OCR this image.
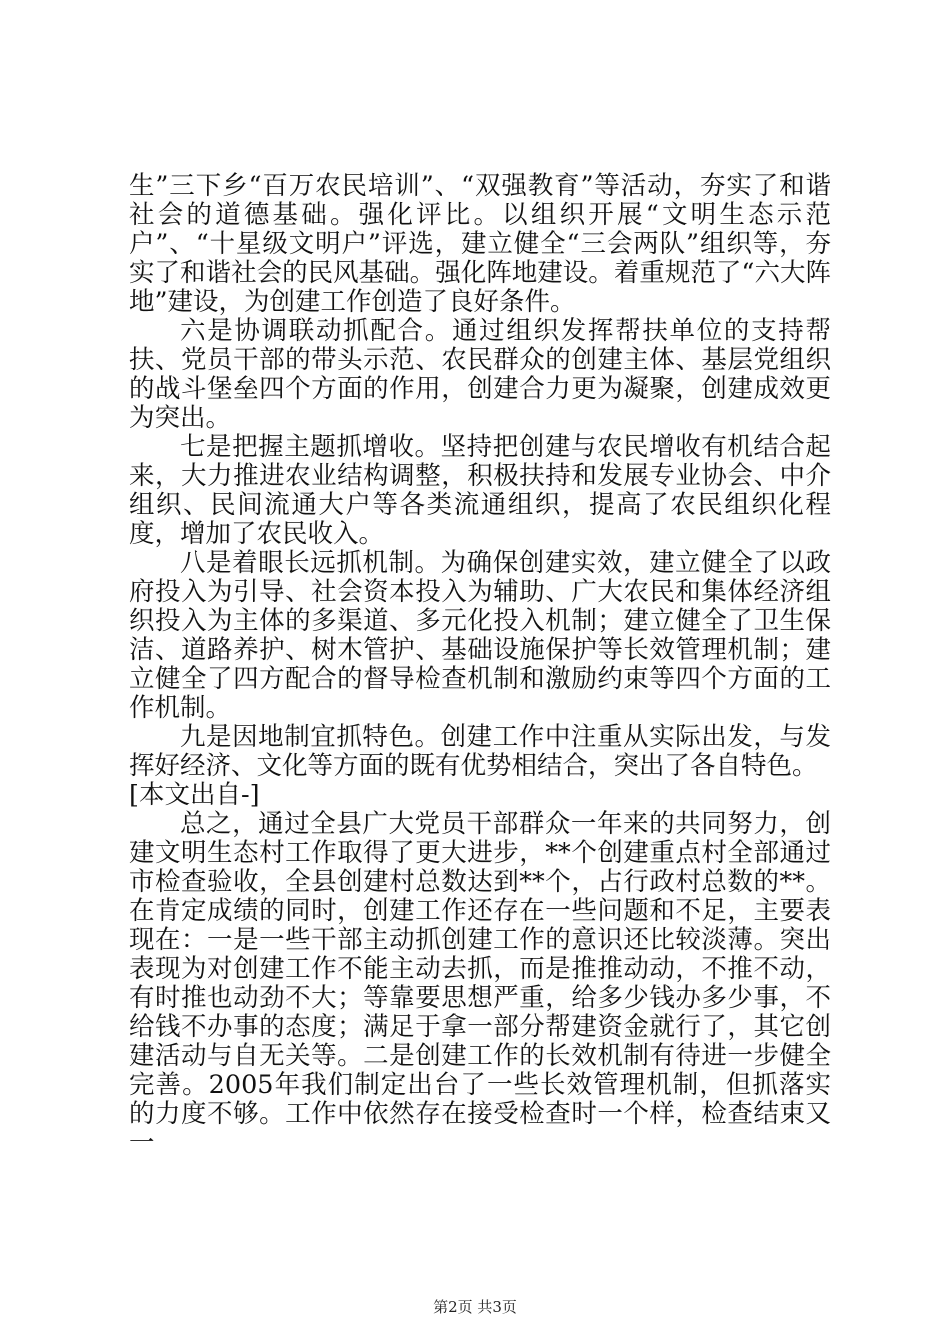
生”三下乡“百万农民培训”、“双强教育”等活动，夯实了和谐社会的道德基础。强化评比。以组织开展“文明生态示范户”、“十星级文明户”评选，建立健全“三会两队”组织等，夯实了和谐社会的民风基础。强化阵地建设。着重规范了“六大阵地”建设，为创建工作创造了良好条件。

六是协调联动抓配合。通过组织发挥帮扶单位的支持帮扶、党员干部的带头示范、农民群众的创建主体、基层党组织的战斗堡垒四个方面的作用，创建合力更为凝聚，创建成效更为突出。

七是把握主题抓增收。坚持把创建与农民增收有机结合起来，大力推进农业结构调整，积极扶持和发展专业协会、中介组织、民间流通大户等各类流通组织，提高了农民组织化程度，增加了农民收入。

八是着眼长远抓机制。为确保创建实效，建立健全了以政府投入为引导、社会资本投入为辅助、广大农民和集体经济组织投入为主体的多渠道、多元化投入机制；建立健全了卫生保洁、道路养护、树木管护、基础设施保护等长效管理机制；建立健全了四方配合的督导检查机制和激励约束等四个方面的工作机制。

九是因地制宜抓特色。创建工作中注重从实际出发，与发挥好经济、文化等方面的既有优势相结合，突出了各自特色。

[本文出自-]

总之，通过全县广大党员干部群众一年来的共同努力，创建文明生态村工作取得了更大进步，**个创建重点村全部通过市检查验收，全县创建村总数达到**个，占行政村总数的**。在肯定成绩的同时，创建工作还存在一些问题和不足，主要表现在：一是一些干部主动抓创建工作的意识还比较淡薄。突出表现为对创建工作不能主动去抓，而是推推动动，不推不动，有时推也动劲不大；等靠要思想严重，给多少钱办多少事，不给钱不办事的态度；满足于拿一部分帮建资金就行了，其它创建活动与自无关等。二是创建工作的长效机制有待进一步健全完善。2005年我们制定出台了一些长效管理机制，但抓落实的力度不够。工作中依然存在接受检查时一个样，检查结束又一

第2页 共3页
